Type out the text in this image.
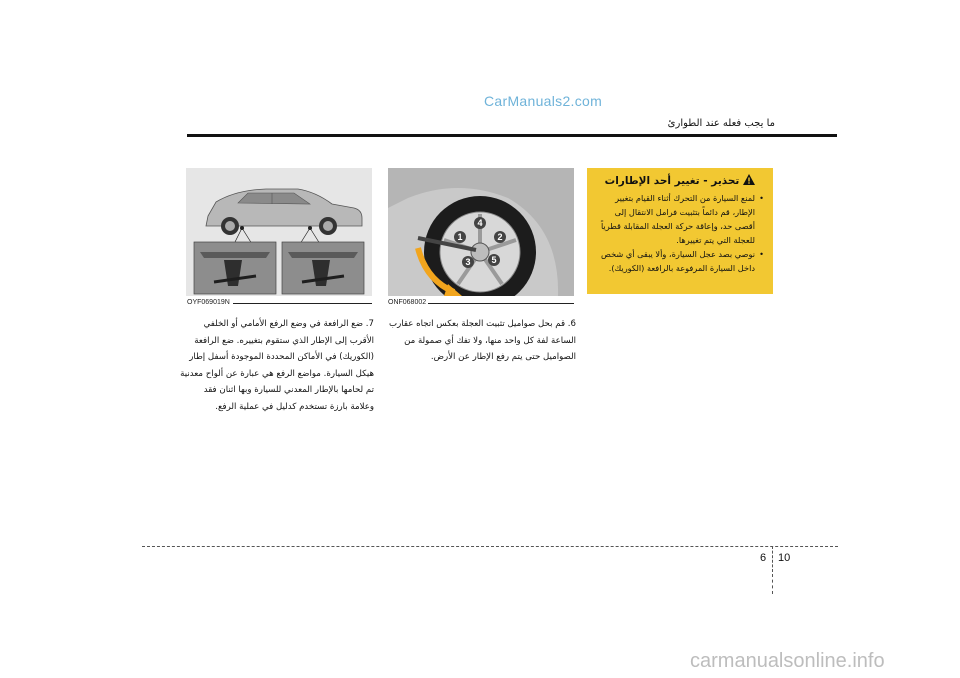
CarManuals2.com
ما يجب فعله عند الطوارئ
OYF069019N
4
1	2
3 5
ONF068002
تحذير - تغيير أحد الإطارات
• لمنع السيارة من التحرك أثناء القيام بتغيير الإطار، قم دائماً بتثبيت فرامل الانتقال إلى أقصى حد، وإعاقة حركة العجلة المقابلة قطرياً للعجلة التي يتم تغييرها.
• نوصي بصد عجل السيارة، وألا يبقى أي شخص داخل السيارة المرفوعة بالرافعة (الكوريك).
6. قم بحل صواميل تثبيت العجلة بعكس اتجاه عقارب الساعة لفة كل واحد منها، ولا تفك أي صمولة من الصواميل حتى يتم رفع الإطار عن الأرض.
7. ضع الرافعة في وضع الرفع الأمامي أو الخلفي الأقرب إلى الإطار الذي ستقوم بتغييره. ضع الرافعة (الكوريك) في الأماكن المحددة الموجودة أسفل إطار هيكل السيارة. مواضع الرفع هي عبارة عن ألواح معدنية تم لحامها بالإطار المعدني للسيارة وبها اثنان فقد وعلامة بارزة تستخدم كدليل في عملية الرفع.
6 10
carmanualsonline.info
